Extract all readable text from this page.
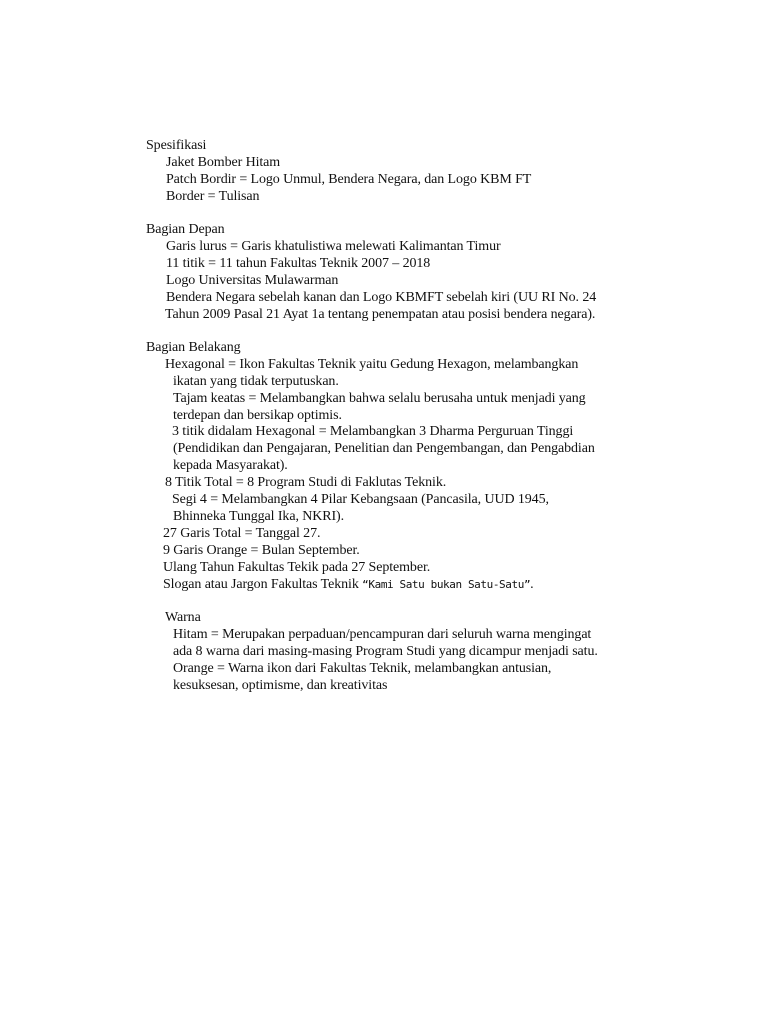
Spesifikasi
Jaket Bomber Hitam
Patch Bordir = Logo Unmul, Bendera Negara, dan Logo KBM FT
Border = Tulisan
Bagian Depan
Garis lurus = Garis khatulistiwa melewati Kalimantan Timur
11 titik = 11 tahun Fakultas Teknik 2007 – 2018
Logo Universitas Mulawarman
Bendera Negara sebelah kanan dan Logo KBMFT sebelah kiri (UU RI No. 24
Tahun 2009 Pasal 21 Ayat 1a tentang penempatan atau posisi bendera negara).
Bagian Belakang
Hexagonal = Ikon Fakultas Teknik yaitu Gedung Hexagon, melambangkan
ikatan yang tidak terputuskan.
Tajam keatas = Melambangkan bahwa selalu berusaha untuk menjadi yang
terdepan dan bersikap optimis.
3 titik didalam Hexagonal = Melambangkan 3 Dharma Perguruan Tinggi
(Pendidikan dan Pengajaran, Penelitian dan Pengembangan, dan Pengabdian
kepada Masyarakat).
8 Titik Total = 8 Program Studi di Faklutas Teknik.
Segi 4 = Melambangkan 4 Pilar Kebangsaan (Pancasila, UUD 1945,
Bhinneka Tunggal Ika, NKRI).
27 Garis Total = Tanggal 27.
9 Garis Orange = Bulan September.
Ulang Tahun Fakultas Tekik pada 27 September.
Slogan atau Jargon Fakultas Teknik “Kami Satu bukan Satu-Satu”.
Warna
Hitam = Merupakan perpaduan/pencampuran dari seluruh warna mengingat
ada 8 warna dari masing-masing Program Studi yang dicampur menjadi satu.
Orange = Warna ikon dari Fakultas Teknik, melambangkan antusian,
kesuksesan, optimisme, dan kreativitas
